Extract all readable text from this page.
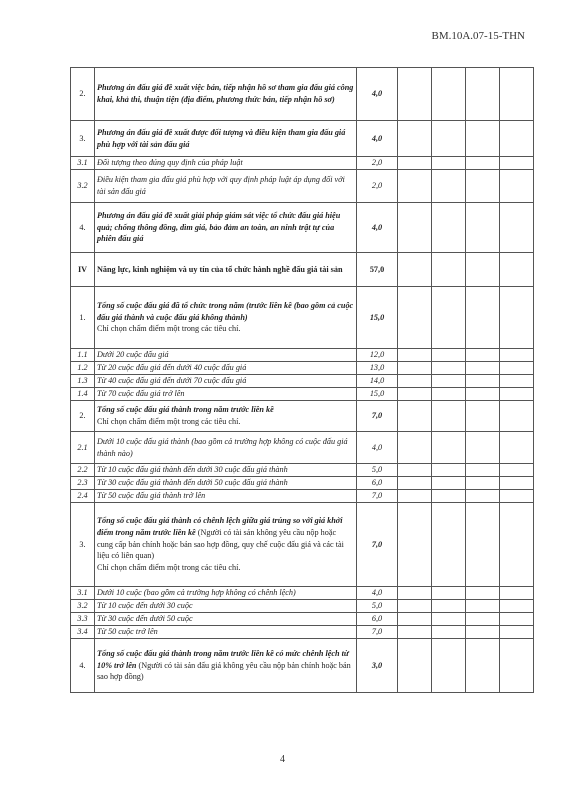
BM.10A.07-15-THN
2.	Phương án đấu giá đề xuất việc bán, tiếp nhận hồ sơ tham gia đấu giá công khai, khả thi, thuận tiện (địa điểm, phương thức bán, tiếp nhận hồ sơ)	4,0				
3.	Phương án đấu giá đề xuất được đối tượng và điều kiện tham gia đấu giá phù hợp với tài sản đấu giá	4,0				
3.1	Đối tượng theo đúng quy định của pháp luật	2,0				
3.2	Điều kiện tham gia đấu giá phù hợp với quy định pháp luật áp dụng đối với tài sản đấu giá	2,0				
4.	Phương án đấu giá đề xuất giải pháp giám sát việc tổ chức đấu giá hiệu quả; chống thông đồng, dìm giá, bảo đảm an toàn, an ninh trật tự của phiên đấu giá	4,0				
IV	Năng lực, kinh nghiệm và uy tín của tổ chức hành nghề đấu giá tài sản	57,0				
1.	Tổng số cuộc đấu giá đã tổ chức trong năm (trước liền kề (bao gồm cả cuộc đấu giá thành và cuộc đấu giá không thành)
Chỉ chọn chấm điểm một trong các tiêu chí.	15,0				
1.1	Dưới 20 cuộc đấu giá	12,0				
1.2	Từ 20 cuộc đấu giá đến dưới 40 cuộc đấu giá	13,0				
1.3	Từ 40 cuộc đấu giá đến dưới 70 cuộc đấu giá	14,0				
1.4	Từ 70 cuộc đấu giá trở lên	15,0				
2.	Tổng số cuộc đấu giá thành trong năm trước liền kề
Chỉ chọn chấm điểm một trong các tiêu chí.	7,0				
2.1	Dưới 10 cuộc đấu giá thành (bao gồm cả trường hợp không có cuộc đấu giá thành nào)	4,0				
2.2	Từ 10 cuộc đấu giá thành đến dưới 30 cuộc đấu giá thành	5,0				
2.3	Từ 30 cuộc đấu giá thành đến dưới 50 cuộc đấu giá thành	6,0				
2.4	Từ 50 cuộc đấu giá thành trở lên	7,0				
3.	Tổng số cuộc đấu giá thành có chênh lệch giữa giá trúng so với giá khởi điểm trong năm trước liền kề (Người có tài sản không yêu cầu nộp hoặc cung cấp bản chính hoặc bản sao hợp đồng, quy chế cuộc đấu giá và các tài liệu có liên quan)
Chỉ chọn chấm điểm một trong các tiêu chí.	7,0				
3.1	Dưới 10 cuộc (bao gồm cả trường hợp không có chênh lệch)	4,0				
3.2	Từ 10 cuộc đến dưới 30 cuộc	5,0				
3.3	Từ 30 cuộc đến dưới 50 cuộc	6,0				
3.4	Từ 50 cuộc trở lên	7,0				
4.	Tổng số cuộc đấu giá thành trong năm trước liền kề có mức chênh lệch từ 10% trở lên (Người có tài sản đấu giá không yêu cầu nộp bản chính hoặc bản sao hợp đồng)	3,0				
4
